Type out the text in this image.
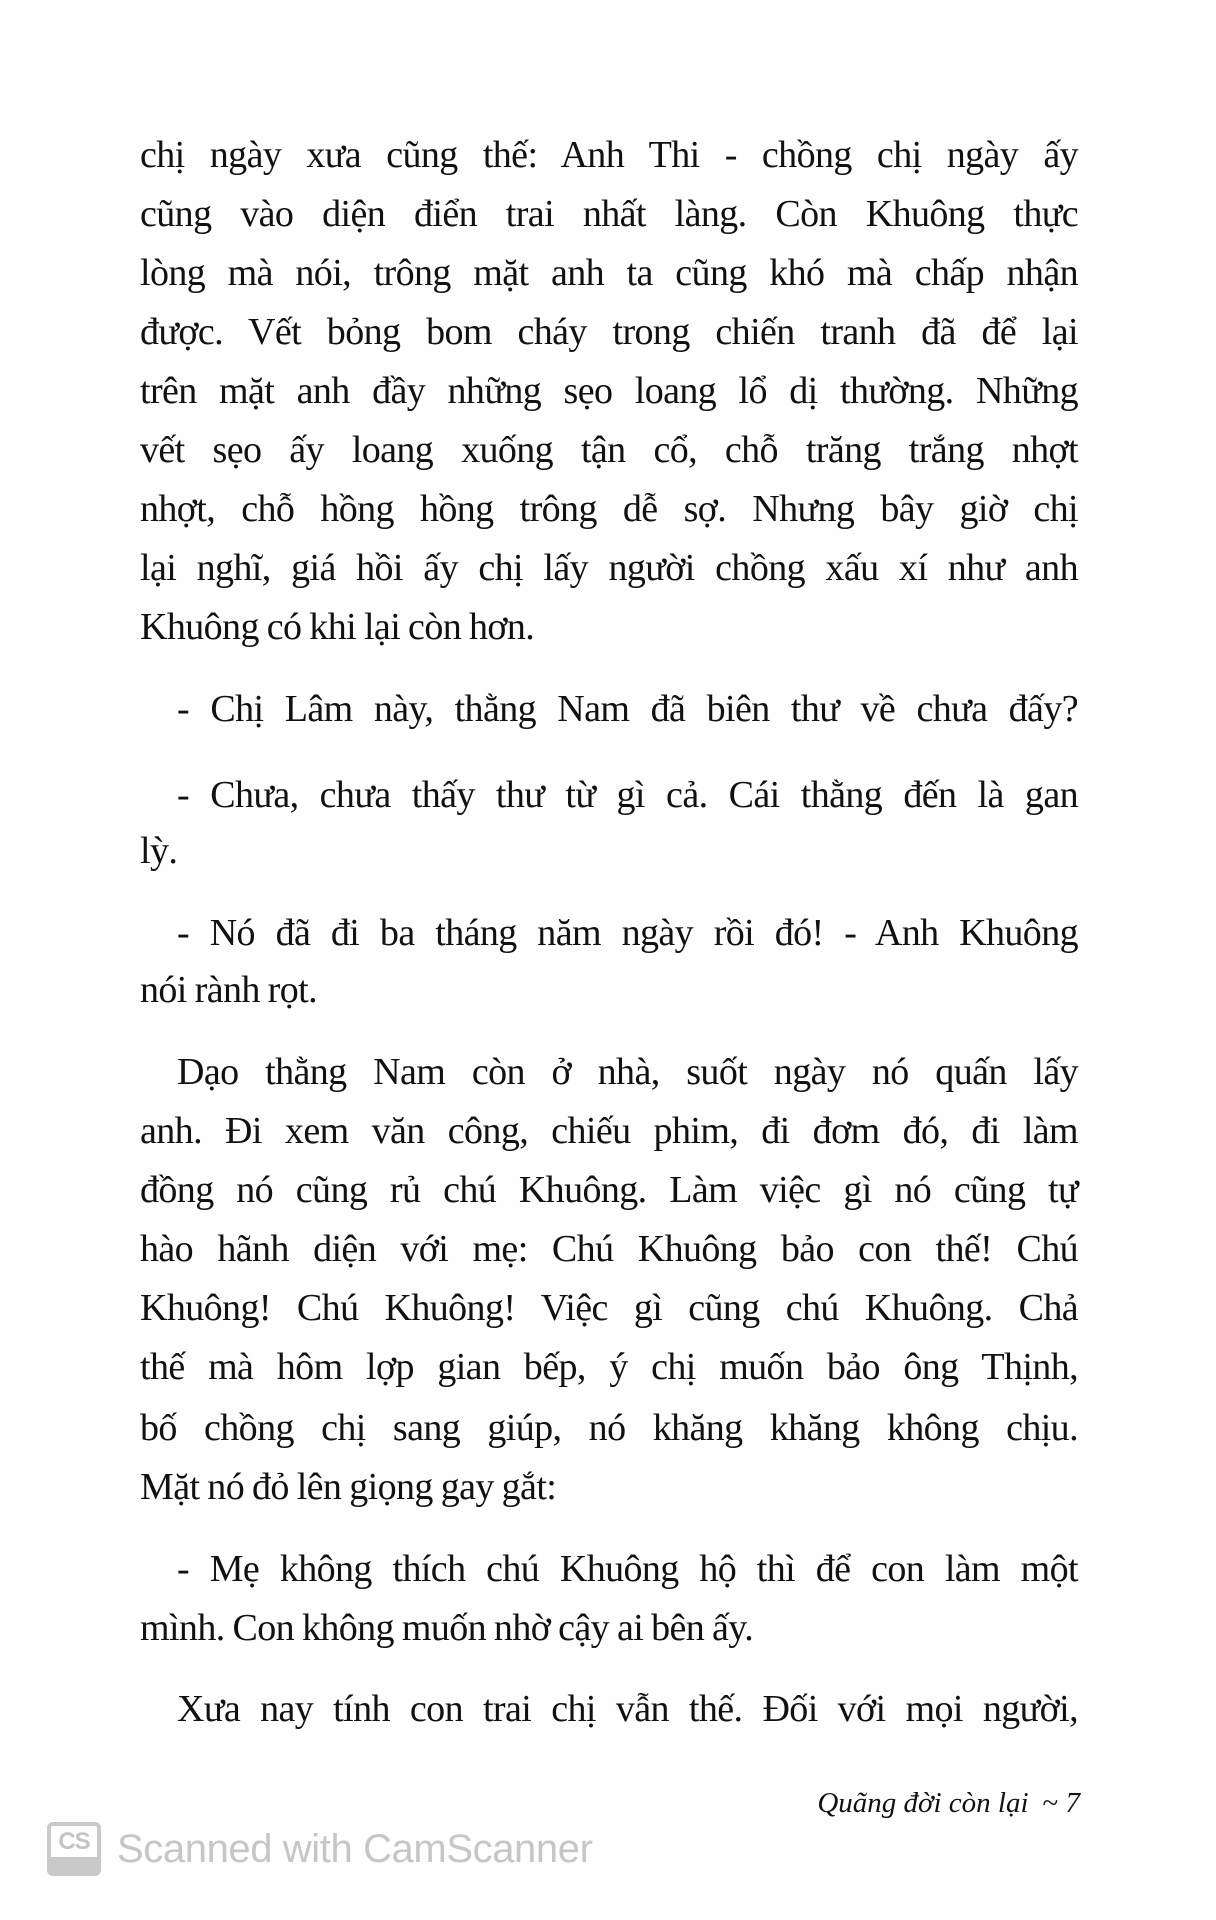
chị ngày xưa cũng thế: Anh Thi - chồng chị ngày ấy
cũng vào diện điển trai nhất làng. Còn Khuông thực
lòng mà nói, trông mặt anh ta cũng khó mà chấp nhận
được. Vết bỏng bom cháy trong chiến tranh đã để lại
trên mặt anh đầy những sẹo loang lổ dị thường. Những
vết sẹo ấy loang xuống tận cổ, chỗ trăng trắng nhợt
nhợt, chỗ hồng hồng trông dễ sợ. Nhưng bây giờ chị
lại nghĩ, giá hồi ấy chị lấy người chồng xấu xí như anh
Khuông có khi lại còn hơn.
- Chị Lâm này, thằng Nam đã biên thư về chưa đấy?
- Chưa, chưa thấy thư từ gì cả. Cái thằng đến là gan
lỳ.
- Nó đã đi ba tháng năm ngày rồi đó! - Anh Khuông
nói rành rọt.
Dạo thằng Nam còn ở nhà, suốt ngày nó quấn lấy
anh. Đi xem văn công, chiếu phim, đi đơm đó, đi làm
đồng nó cũng rủ chú Khuông. Làm việc gì nó cũng tự
hào hãnh diện với mẹ: Chú Khuông bảo con thế! Chú
Khuông! Chú Khuông! Việc gì cũng chú Khuông. Chả
thế mà hôm lợp gian bếp, ý chị muốn bảo ông Thịnh,
bố chồng chị sang giúp, nó khăng khăng không chịu.
Mặt nó đỏ lên giọng gay gắt:
- Mẹ không thích chú Khuông hộ thì để con làm một
mình. Con không muốn nhờ cậy ai bên ấy.
Xưa nay tính con trai chị vẫn thế. Đối với mọi người,
Quãng đời còn lại ~ 7
CS Scanned with CamScanner
